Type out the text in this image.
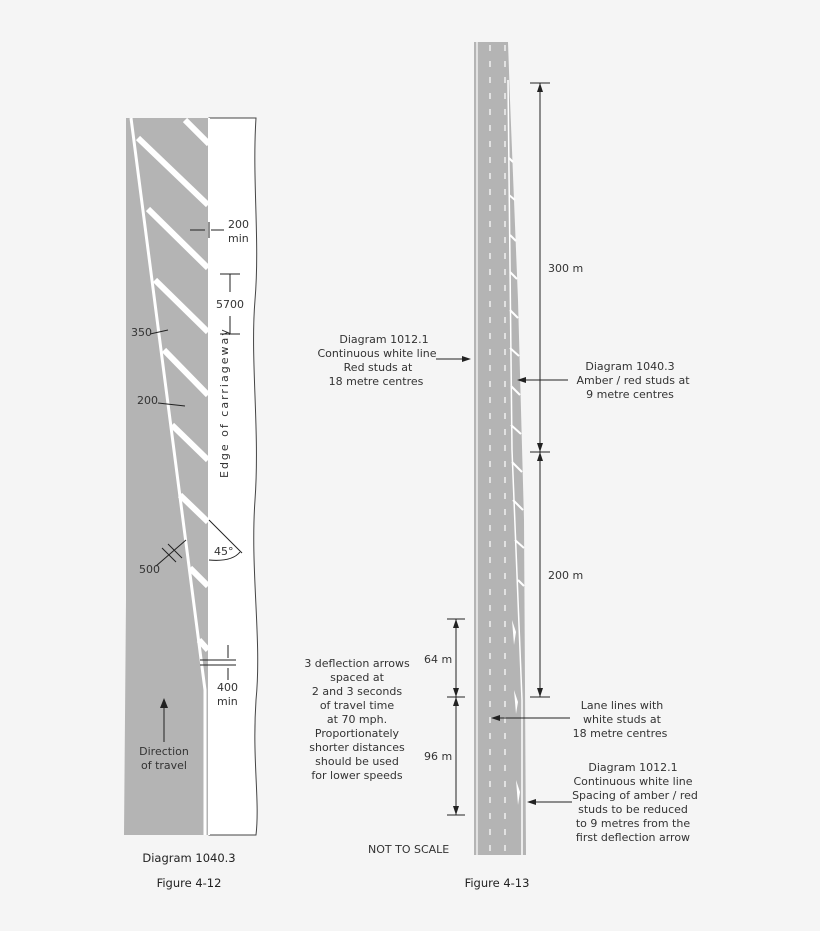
Edge of carriageway
200
min
5700
350
200
500
45°
400
min
Direction
of travel
Diagram 1040.3
Figure 4-12
300 m
200 m
64 m
96 m
Diagram 1012.1
Continuous white line
Red studs at
18 metre centres
Diagram 1040.3
Amber / red studs at
9 metre centres
3 deflection arrows
spaced at
2 and 3 seconds
of travel time
at 70 mph.
Proportionately
shorter distances
should be used
for lower speeds
Lane lines with
white studs at
18 metre centres
Diagram 1012.1
Continuous white line
Spacing of amber / red
studs to be reduced
to 9 metres from the
first deflection arrow
NOT TO SCALE
Figure 4-13
